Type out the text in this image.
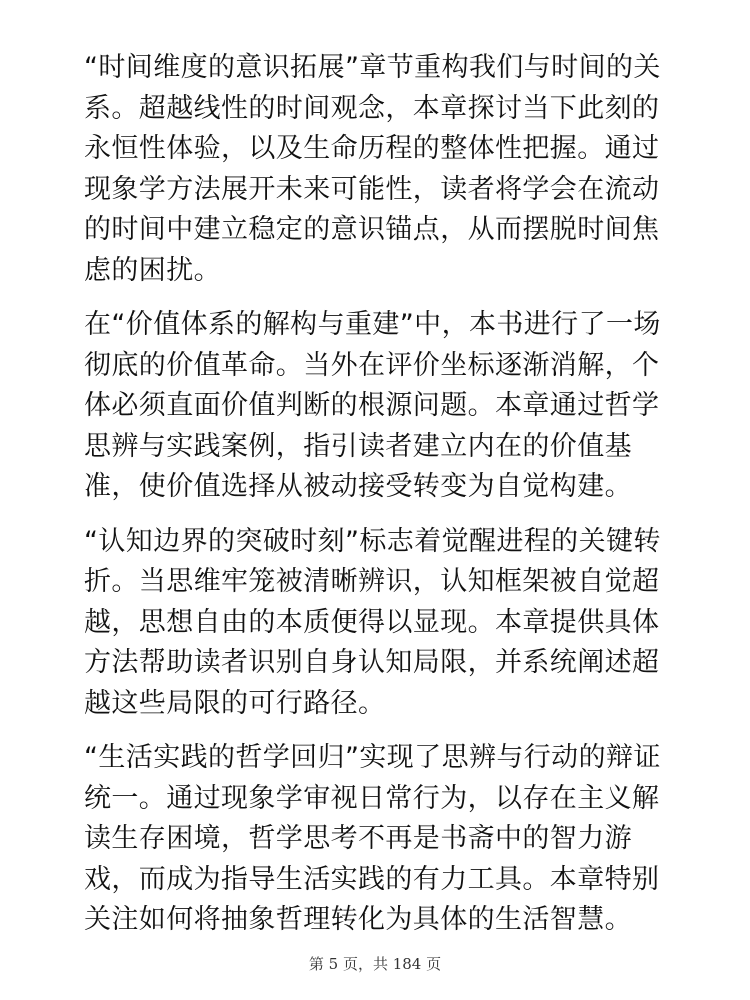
“时间维度的意识拓展”章节重构我们与时间的关系。超越线性的时间观念，本章探讨当下此刻的永恒性体验，以及生命历程的整体性把握。通过现象学方法展开未来可能性，读者将学会在流动的时间中建立稳定的意识锚点，从而摆脱时间焦虑的困扰。

在“价值体系的解构与重建”中，本书进行了一场彻底的价值革命。当外在评价坐标逐渐消解，个体必须直面价值判断的根源问题。本章通过哲学思辨与实践案例，指引读者建立内在的价值基准，使价值选择从被动接受转变为自觉构建。

“认知边界的突破时刻”标志着觉醒进程的关键转折。当思维牢笼被清晰辨识，认知框架被自觉超越，思想自由的本质便得以显现。本章提供具体方法帮助读者识别自身认知局限，并系统阐述超越这些局限的可行路径。

“生活实践的哲学回归”实现了思辨与行动的辩证统一。通过现象学审视日常行为，以存在主义解读生存困境，哲学思考不再是书斋中的智力游戏，而成为指导生活实践的有力工具。本章特别关注如何将抽象哲理转化为具体的生活智慧。

第 5 页，共 184 页
